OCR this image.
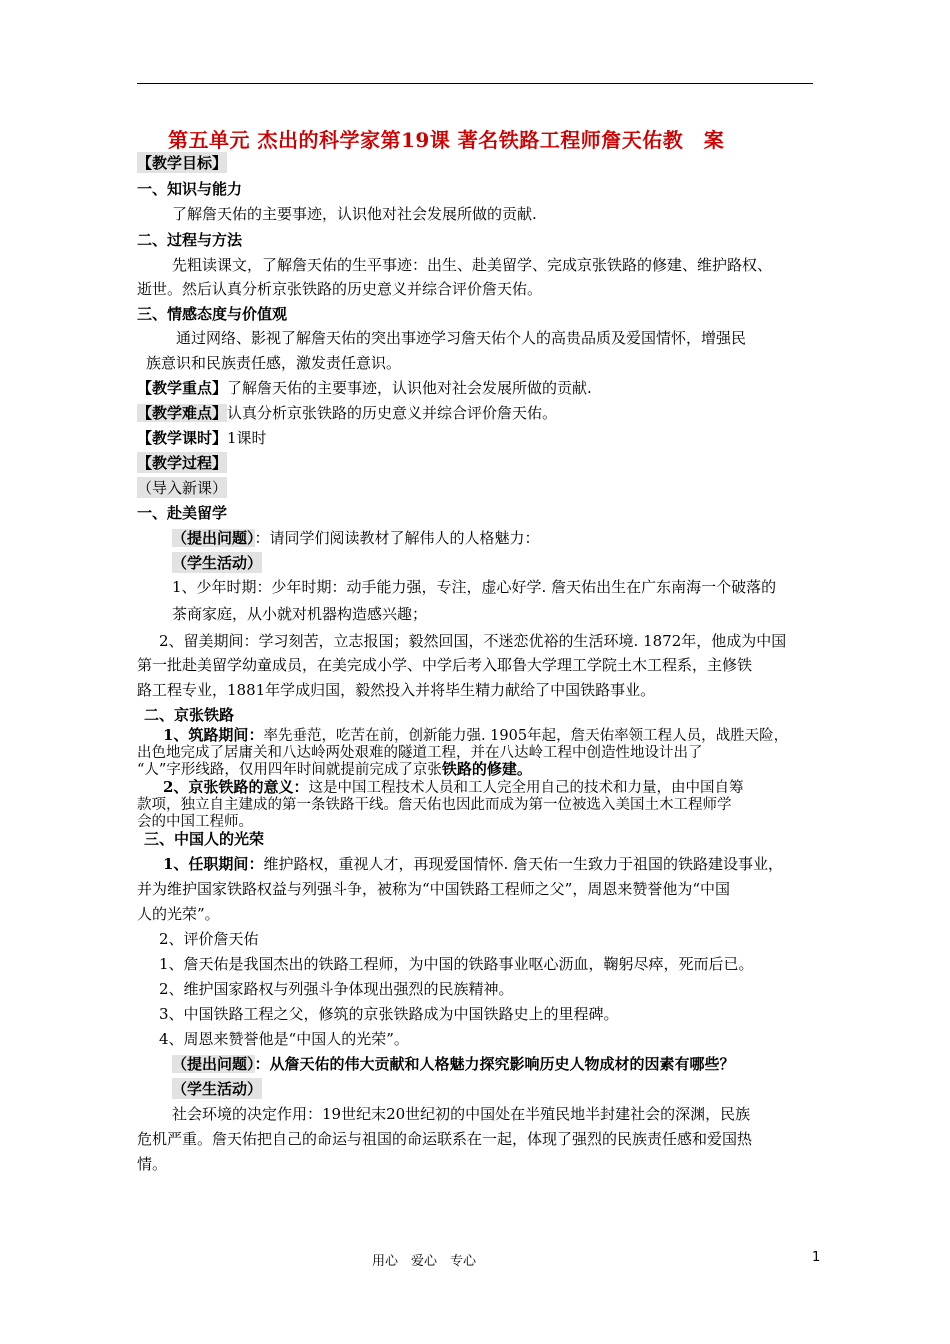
第五单元 杰出的科学家第19课 著名铁路工程师詹天佑教　案
【教学目标】
一、知识与能力
了解詹天佑的主要事迹，认识他对社会发展所做的贡献.
二、过程与方法
先粗读课文，了解詹天佑的生平事迹：出生、赴美留学、完成京张铁路的修建、维护路权、
逝世。然后认真分析京张铁路的历史意义并综合评价詹天佑。
三、情感态度与价值观
通过网络、影视了解詹天佑的突出事迹学习詹天佑个人的高贵品质及爱国情怀，增强民
族意识和民族责任感，激发责任意识。
【教学重点】了解詹天佑的主要事迹，认识他对社会发展所做的贡献.
【教学难点】认真分析京张铁路的历史意义并综合评价詹天佑。
【教学课时】1课时
【教学过程】
（导入新课）
一、赴美留学
（提出问题）：请同学们阅读教材了解伟人的人格魅力：
（学生活动）
1、少年时期：少年时期：动手能力强，专注，虚心好学. 詹天佑出生在广东南海一个破落的
茶商家庭，从小就对机器构造感兴趣；
2、留美期间：学习刻苦，立志报国；毅然回国，不迷恋优裕的生活环境. 1872年，他成为中国
第一批赴美留学幼童成员，在美完成小学、中学后考入耶鲁大学理工学院土木工程系，主修铁
路工程专业，1881年学成归国，毅然投入并将毕生精力献给了中国铁路事业。
二、京张铁路
1、筑路期间：率先垂范，吃苦在前，创新能力强. 1905年起，詹天佑率领工程人员，战胜天险，
出色地完成了居庸关和八达岭两处艰难的隧道工程，并在八达岭工程中创造性地设计出了
“人”字形线路，仅用四年时间就提前完成了京张铁路的修建。
2、京张铁路的意义：这是中国工程技术人员和工人完全用自己的技术和力量，由中国自筹
款项，独立自主建成的第一条铁路干线。詹天佑也因此而成为第一位被选入美国土木工程师学
会的中国工程师。
三、中国人的光荣
1、任职期间：维护路权，重视人才，再现爱国情怀. 詹天佑一生致力于祖国的铁路建设事业，
并为维护国家铁路权益与列强斗争，被称为“中国铁路工程师之父”，周恩来赞誉他为“中国
人的光荣”。
2、评价詹天佑
1、詹天佑是我国杰出的铁路工程师，为中国的铁路事业呕心沥血，鞠躬尽瘁，死而后已。
2、维护国家路权与列强斗争体现出强烈的民族精神。
3、中国铁路工程之父，修筑的京张铁路成为中国铁路史上的里程碑。
4、周恩来赞誉他是“中国人的光荣”。
（提出问题）：从詹天佑的伟大贡献和人格魅力探究影响历史人物成材的因素有哪些？
（学生活动）
社会环境的决定作用：19世纪末20世纪初的中国处在半殖民地半封建社会的深渊，民族
危机严重。詹天佑把自己的命运与祖国的命运联系在一起，体现了强烈的民族责任感和爱国热
情。
用心　爱心　专心	1
